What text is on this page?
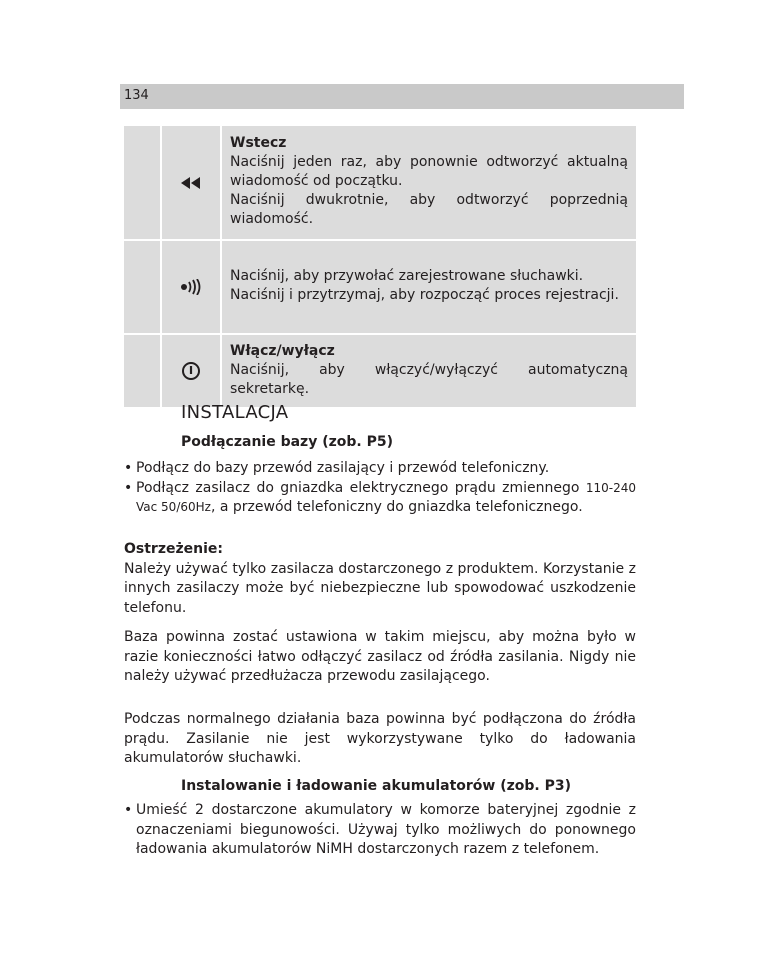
134

Wstecz
Naciśnij jeden raz, aby ponownie odtworzyć aktualną wiadomość od początku.
Naciśnij dwukrotnie, aby odtworzyć poprzednią wiadomość.

Naciśnij, aby przywołać zarejestrowane słuchawki.
Naciśnij i przytrzymaj, aby rozpocząć proces rejestracji.

Włącz/wyłącz
Naciśnij, aby włączyć/wyłączyć automatyczną sekretarkę.
INSTALACJA
Podłączanie bazy (zob. P5)
• Podłącz do bazy przewód zasilający i przewód telefoniczny.
• Podłącz zasilacz do gniazdka elektrycznego prądu zmiennego 110-240 Vac 50/60Hz, a przewód telefoniczny do gniazdka telefonicznego.
Ostrzeżenie:
Należy używać tylko zasilacza dostarczonego z produktem. Korzystanie z innych zasilaczy może być niebezpieczne lub spowodować uszkodzenie telefonu.

Baza powinna zostać ustawiona w takim miejscu, aby można było w razie konieczności łatwo odłączyć zasilacz od źródła zasilania. Nigdy nie należy używać przedłużacza przewodu zasilającego.

Podczas normalnego działania baza powinna być podłączona do źródła prądu. Zasilanie nie jest wykorzystywane tylko do ładowania akumulatorów słuchawki.

Instalowanie i ładowanie akumulatorów (zob. P3)
• Umieść 2 dostarczone akumulatory w komorze bateryjnej zgodnie z oznaczeniami biegunowości. Używaj tylko możliwych do ponownego ładowania akumulatorów NiMH dostarczonych razem z telefonem.
